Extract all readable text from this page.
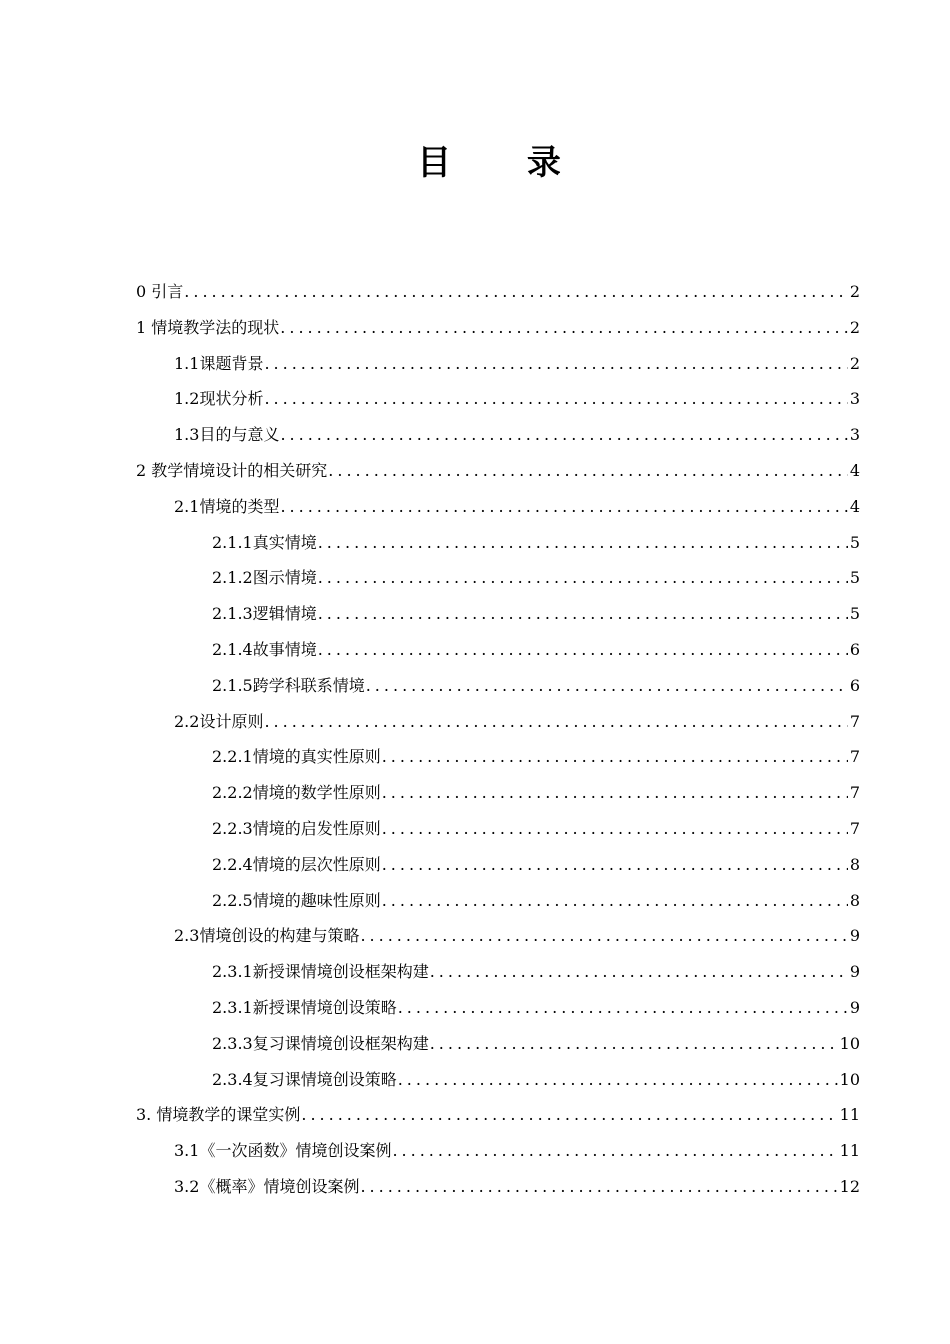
目 录
0 引言 .....	2
1 情境教学法的现状 .....	2
1.1课题背景 .....	2
1.2现状分析 .....	3
1.3目的与意义 .....	3
2 教学情境设计的相关研究 .....	4
2.1情境的类型 .....	4
2.1.1真实情境 .....	5
2.1.2图示情境 .....	5
2.1.3逻辑情境 .....	5
2.1.4故事情境 .....	6
2.1.5跨学科联系情境 .....	6
2.2设计原则 .....	7
2.2.1情境的真实性原则 .....	7
2.2.2情境的数学性原则 .....	7
2.2.3情境的启发性原则 .....	7
2.2.4情境的层次性原则 .....	8
2.2.5情境的趣味性原则 .....	8
2.3情境创设的构建与策略 .....	9
2.3.1新授课情境创设框架构建 .....	9
2.3.1新授课情境创设策略 .....	9
2.3.3复习课情境创设框架构建 .....	10
2.3.4复习课情境创设策略 .....	10
3. 情境教学的课堂实例 .....	11
3.1《一次函数》情境创设案例 .....	11
3.2《概率》情境创设案例 .....	12
